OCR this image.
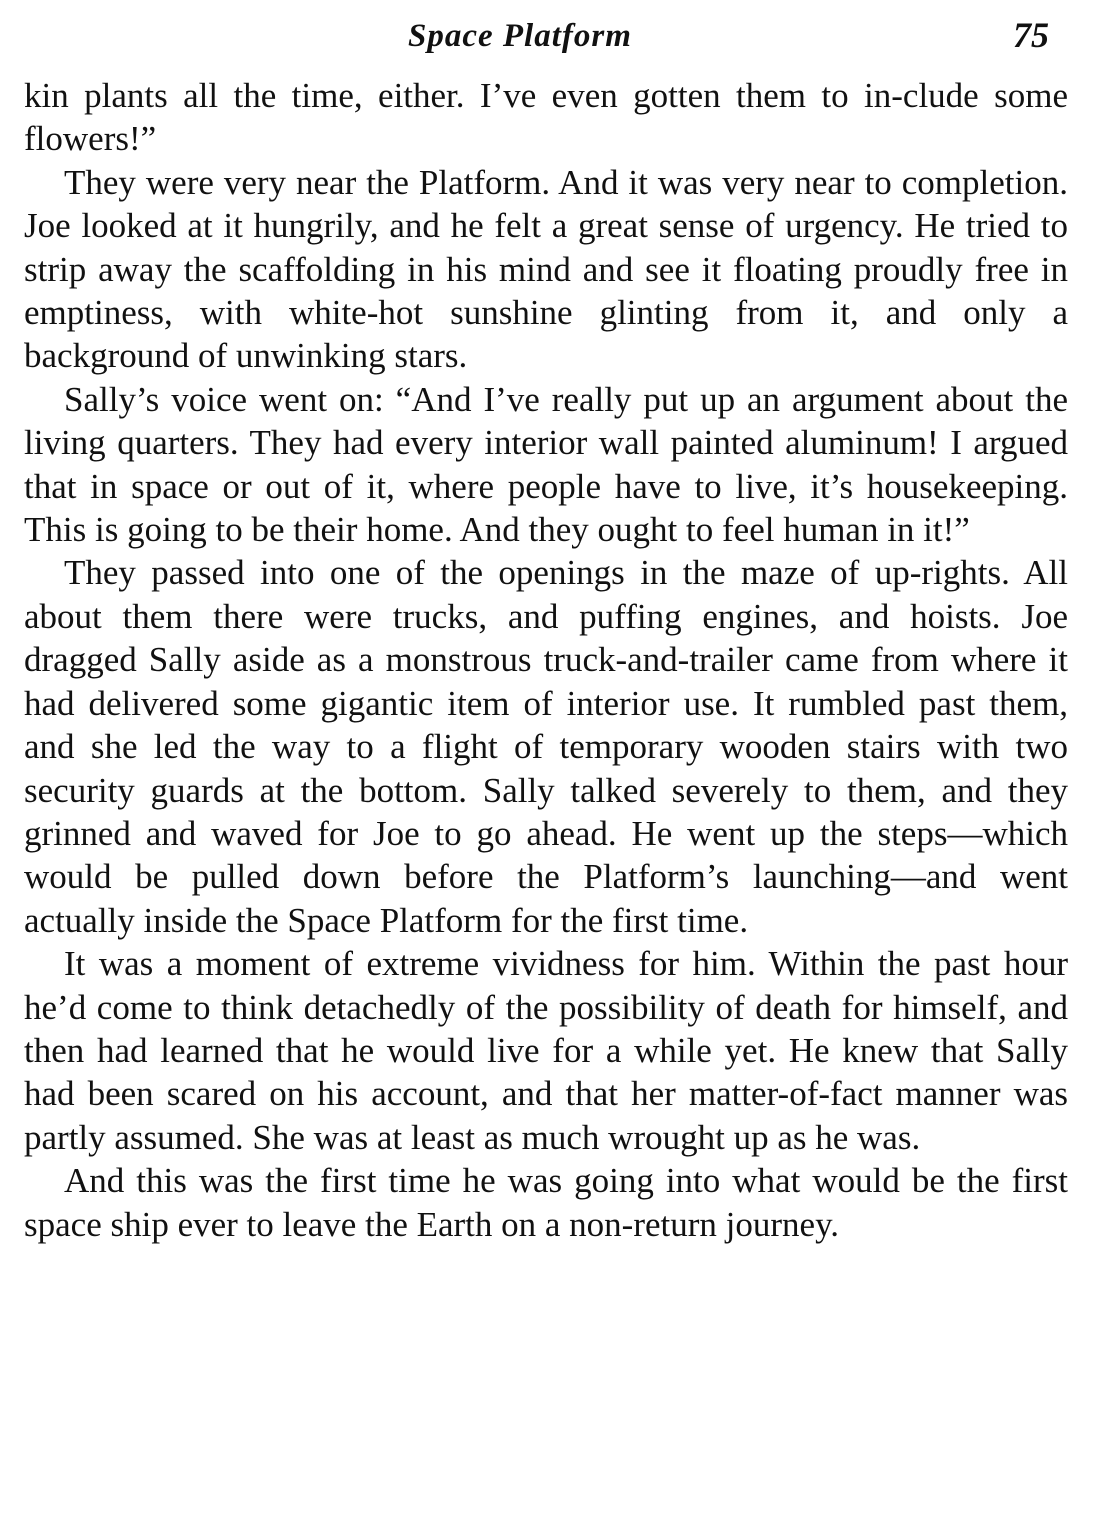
Space Platform	75

kin plants all the time, either. I’ve even gotten them to in-clude some flowers!”

They were very near the Platform. And it was very near to completion. Joe looked at it hungrily, and he felt a great sense of urgency. He tried to strip away the scaffolding in his mind and see it floating proudly free in emptiness, with white-hot sunshine glinting from it, and only a background of unwinking stars.

Sally’s voice went on: “And I’ve really put up an argument about the living quarters. They had every interior wall painted aluminum! I argued that in space or out of it, where people have to live, it’s housekeeping. This is going to be their home. And they ought to feel human in it!”

They passed into one of the openings in the maze of up-rights. All about them there were trucks, and puffing engines, and hoists. Joe dragged Sally aside as a monstrous truck-and-trailer came from where it had delivered some gigantic item of interior use. It rumbled past them, and she led the way to a flight of temporary wooden stairs with two security guards at the bottom. Sally talked severely to them, and they grinned and waved for Joe to go ahead. He went up the steps—which would be pulled down before the Platform’s launching—and went actually inside the Space Platform for the first time.

It was a moment of extreme vividness for him. Within the past hour he’d come to think detachedly of the possibility of death for himself, and then had learned that he would live for a while yet. He knew that Sally had been scared on his account, and that her matter-of-fact manner was partly assumed. She was at least as much wrought up as he was.

And this was the first time he was going into what would be the first space ship ever to leave the Earth on a non-return journey.
